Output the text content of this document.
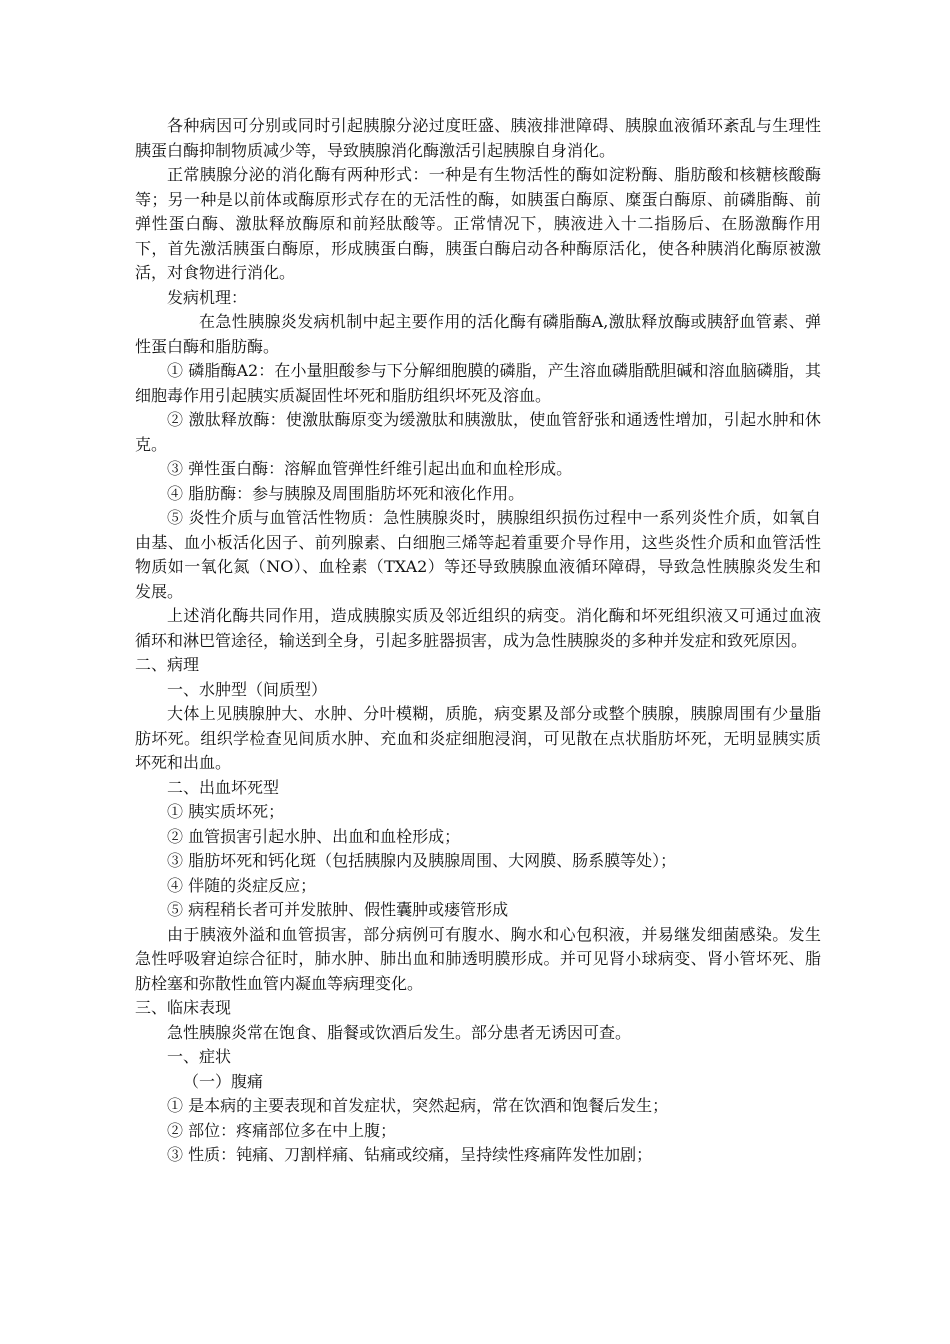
各种病因可分别或同时引起胰腺分泌过度旺盛、胰液排泄障碍、胰腺血液循环紊乱与生理性胰蛋白酶抑制物质减少等，导致胰腺消化酶激活引起胰腺自身消化。

正常胰腺分泌的消化酶有两种形式：一种是有生物活性的酶如淀粉酶、脂肪酸和核糖核酸酶等；另一种是以前体或酶原形式存在的无活性的酶，如胰蛋白酶原、糜蛋白酶原、前磷脂酶、前弹性蛋白酶、激肽释放酶原和前羟肽酸等。正常情况下，胰液进入十二指肠后、在肠激酶作用下，首先激活胰蛋白酶原，形成胰蛋白酶，胰蛋白酶启动各种酶原活化，使各种胰消化酶原被激活，对食物进行消化。

发病机理：

在急性胰腺炎发病机制中起主要作用的活化酶有磷脂酶A,激肽释放酶或胰舒血管素、弹性蛋白酶和脂肪酶。

① 磷脂酶A2：在小量胆酸参与下分解细胞膜的磷脂，产生溶血磷脂酰胆碱和溶血脑磷脂，其细胞毒作用引起胰实质凝固性坏死和脂肪组织坏死及溶血。

② 激肽释放酶：使激肽酶原变为缓激肽和胰激肽，使血管舒张和通透性增加，引起水肿和休克。

③ 弹性蛋白酶：溶解血管弹性纤维引起出血和血栓形成。

④ 脂肪酶：参与胰腺及周围脂肪坏死和液化作用。

⑤ 炎性介质与血管活性物质：急性胰腺炎时，胰腺组织损伤过程中一系列炎性介质，如氧自由基、血小板活化因子、前列腺素、白细胞三烯等起着重要介导作用，这些炎性介质和血管活性物质如一氧化氮（NO）、血栓素（TXA2）等还导致胰腺血液循环障碍，导致急性胰腺炎发生和发展。

上述消化酶共同作用，造成胰腺实质及邻近组织的病变。消化酶和坏死组织液又可通过血液循环和淋巴管途径，输送到全身，引起多脏器损害，成为急性胰腺炎的多种并发症和致死原因。

二、病理

一、水肿型（间质型）

大体上见胰腺肿大、水肿、分叶模糊，质脆，病变累及部分或整个胰腺，胰腺周围有少量脂肪坏死。组织学检查见间质水肿、充血和炎症细胞浸润，可见散在点状脂肪坏死，无明显胰实质坏死和出血。

二、出血坏死型

① 胰实质坏死；

② 血管损害引起水肿、出血和血栓形成；

③ 脂肪坏死和钙化斑（包括胰腺内及胰腺周围、大网膜、肠系膜等处）；

④ 伴随的炎症反应；

⑤ 病程稍长者可并发脓肿、假性囊肿或瘘管形成

由于胰液外溢和血管损害，部分病例可有腹水、胸水和心包积液，并易继发细菌感染。发生急性呼吸窘迫综合征时，肺水肿、肺出血和肺透明膜形成。并可见肾小球病变、肾小管坏死、脂肪栓塞和弥散性血管内凝血等病理变化。

三、临床表现

急性胰腺炎常在饱食、脂餐或饮酒后发生。部分患者无诱因可查。

一、症状

（一）腹痛

① 是本病的主要表现和首发症状，突然起病，常在饮酒和饱餐后发生；

② 部位：疼痛部位多在中上腹；

③ 性质：钝痛、刀割样痛、钻痛或绞痛，呈持续性疼痛阵发性加剧；
